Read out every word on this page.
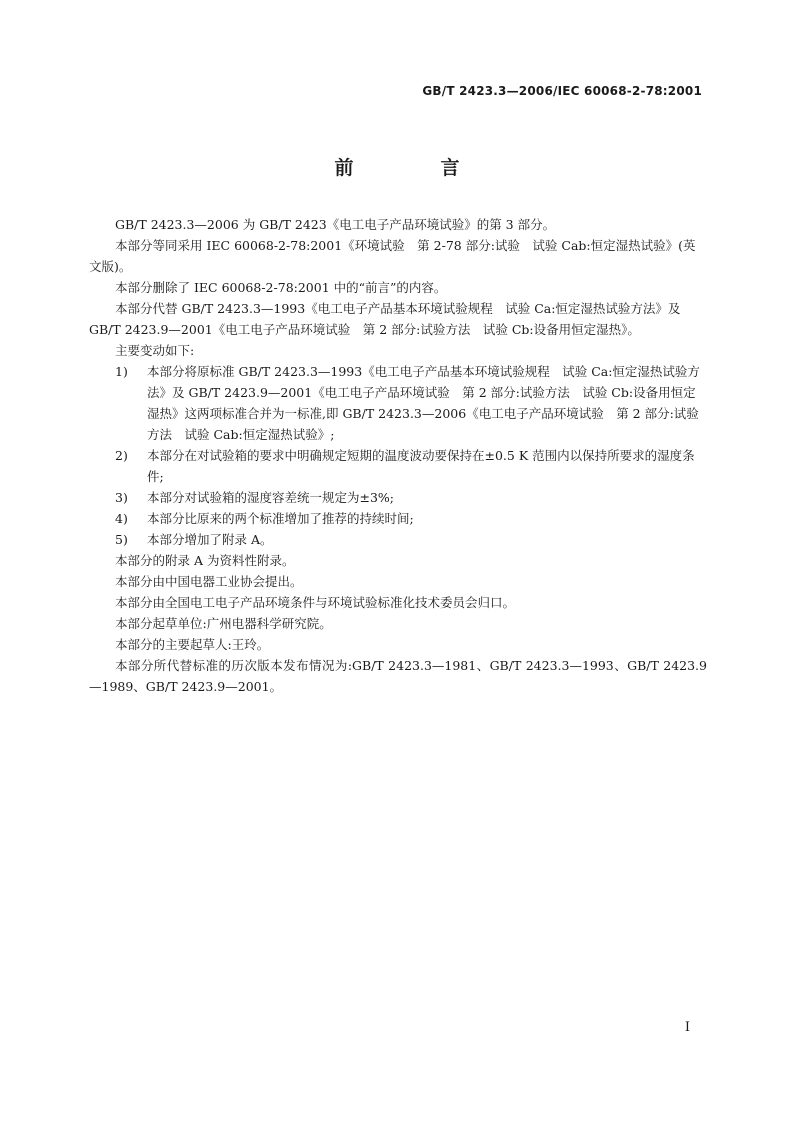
GB/T 2423.3—2006/IEC 60068-2-78:2001
前　言

GB/T 2423.3—2006 为 GB/T 2423《电工电子产品环境试验》的第 3 部分。

本部分等同采用 IEC 60068-2-78:2001《环境试验　第 2-78 部分:试验　试验 Cab:恒定湿热试验》(英文版)。

本部分删除了 IEC 60068-2-78:2001 中的“前言”的内容。

本部分代替 GB/T 2423.3—1993《电工电子产品基本环境试验规程　试验 Ca:恒定湿热试验方法》及 GB/T 2423.9—2001《电工电子产品环境试验　第 2 部分:试验方法　试验 Cb:设备用恒定湿热》。

主要变动如下:

1)	本部分将原标准 GB/T 2423.3—1993《电工电子产品基本环境试验规程　试验 Ca:恒定湿热试验方法》及 GB/T 2423.9—2001《电工电子产品环境试验　第 2 部分:试验方法　试验 Cb:设备用恒定湿热》这两项标准合并为一标准,即 GB/T 2423.3—2006《电工电子产品环境试验　第 2 部分:试验方法　试验 Cab:恒定湿热试验》;
2)	本部分在对试验箱的要求中明确规定短期的温度波动要保持在±0.5 K 范围内以保持所要求的湿度条件;
3)	本部分对试验箱的湿度容差统一规定为±3%;
4)	本部分比原来的两个标准增加了推荐的持续时间;
5)	本部分增加了附录 A。

本部分的附录 A 为资料性附录。

本部分由中国电器工业协会提出。

本部分由全国电工电子产品环境条件与环境试验标准化技术委员会归口。

本部分起草单位:广州电器科学研究院。

本部分的主要起草人:王玲。

本部分所代替标准的历次版本发布情况为:GB/T 2423.3—1981、GB/T 2423.3—1993、GB/T 2423.9—1989、GB/T 2423.9—2001。

I
